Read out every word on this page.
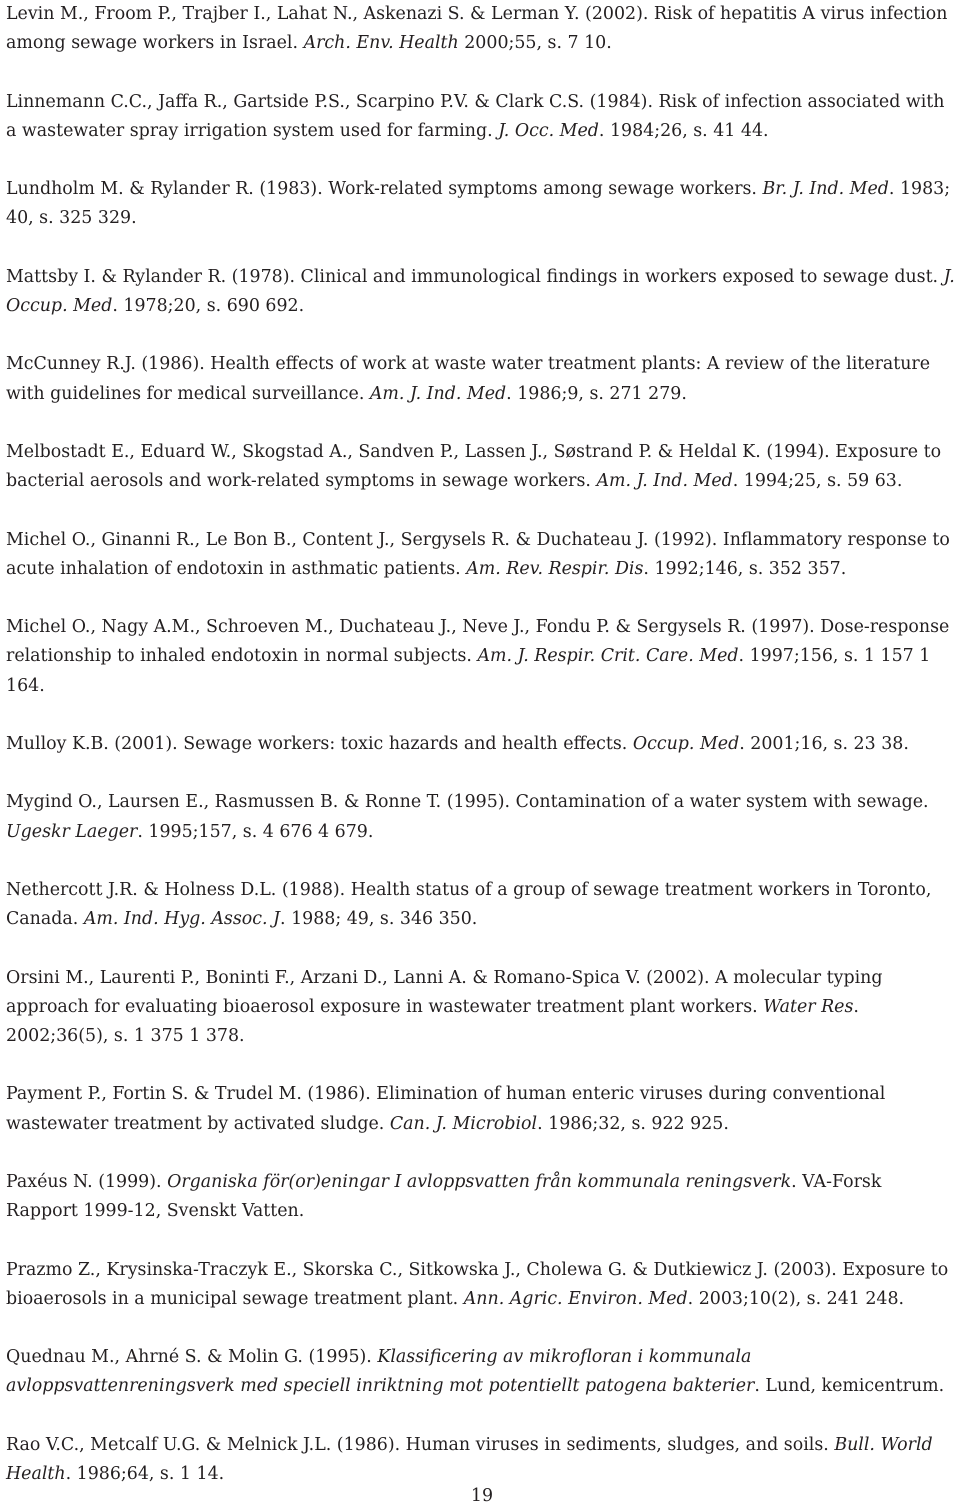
Levin M., Froom P., Trajber I., Lahat N., Askenazi S. & Lerman Y. (2002). Risk of hepatitis A virus infection among sewage workers in Israel. Arch. Env. Health 2000;55, s. 7 10.

Linnemann C.C., Jaffa R., Gartside P.S., Scarpino P.V. & Clark C.S. (1984). Risk of infection associated with a wastewater spray irrigation system used for farming. J. Occ. Med. 1984;26, s. 41 44.

Lundholm M. & Rylander R. (1983). Work-related symptoms among sewage workers. Br. J. Ind. Med. 1983; 40, s. 325 329.

Mattsby I. & Rylander R. (1978). Clinical and immunological findings in workers exposed to sewage dust. J. Occup. Med. 1978;20, s. 690 692.

McCunney R.J. (1986). Health effects of work at waste water treatment plants: A review of the literature with guidelines for medical surveillance. Am. J. Ind. Med. 1986;9, s. 271 279.

Melbostadt E., Eduard W., Skogstad A., Sandven P., Lassen J., Søstrand P. & Heldal K. (1994). Exposure to bacterial aerosols and work-related symptoms in sewage workers. Am. J. Ind. Med. 1994;25, s. 59 63.

Michel O., Ginanni R., Le Bon B., Content J., Sergysels R. & Duchateau J. (1992). Inflammatory response to acute inhalation of endotoxin in asthmatic patients. Am. Rev. Respir. Dis. 1992;146, s. 352 357.

Michel O., Nagy A.M., Schroeven M., Duchateau J., Neve J., Fondu P. & Sergysels R. (1997). Dose-response relationship to inhaled endotoxin in normal subjects. Am. J. Respir. Crit. Care. Med. 1997;156, s. 1 157 1 164.

Mulloy K.B. (2001). Sewage workers: toxic hazards and health effects. Occup. Med. 2001;16, s. 23 38.

Mygind O., Laursen E., Rasmussen B. & Ronne T. (1995). Contamination of a water system with sewage. Ugeskr Laeger. 1995;157, s. 4 676 4 679.

Nethercott J.R. & Holness D.L. (1988). Health status of a group of sewage treatment workers in Toronto, Canada. Am. Ind. Hyg. Assoc. J. 1988; 49, s. 346 350.

Orsini M., Laurenti P., Boninti F., Arzani D., Lanni A. & Romano-Spica V. (2002). A molecular typing approach for evaluating bioaerosol exposure in wastewater treatment plant workers. Water Res. 2002;36(5), s. 1 375 1 378.

Payment P., Fortin S. & Trudel M. (1986). Elimination of human enteric viruses during conventional wastewater treatment by activated sludge. Can. J. Microbiol. 1986;32, s. 922 925.

Paxéus N. (1999). Organiska för(or)eningar I avloppsvatten från kommunala reningsverk. VA-Forsk Rapport 1999-12, Svenskt Vatten.

Prazmo Z., Krysinska-Traczyk E., Skorska C., Sitkowska J., Cholewa G. & Dutkiewicz J. (2003). Exposure to bioaerosols in a municipal sewage treatment plant. Ann. Agric. Environ. Med. 2003;10(2), s. 241 248.

Quednau M., Ahrné S. & Molin G. (1995). Klassificering av mikrofloran i kommunala avloppsvattenreningsverk med speciell inriktning mot potentiellt patogena bakterier. Lund, kemicentrum.

Rao V.C., Metcalf U.G. & Melnick J.L. (1986). Human viruses in sediments, sludges, and soils. Bull. World Health. 1986;64, s. 1 14.

19
